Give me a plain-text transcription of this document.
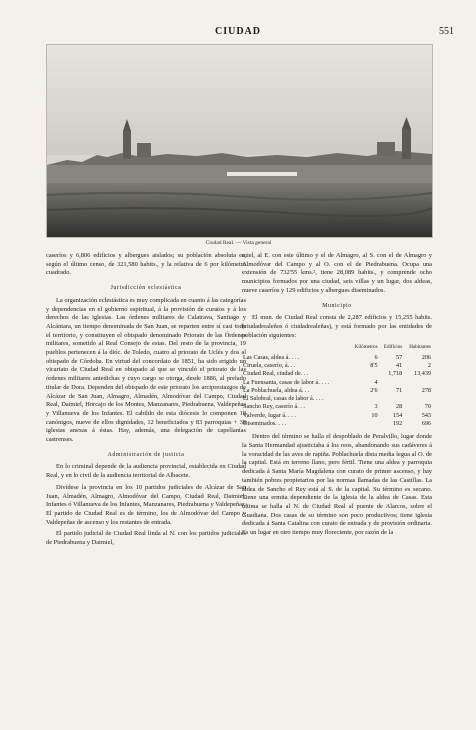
CIUDAD	551
Ciudad Real. — Vista general

caseríos y 6,806 edificios y albergues aislados; su población absoluta es, según el último censo, de 321,580 habits., y la relativa de 6 por kilómetro cuadrado.

Jurisdicción eclesiástica

La organización eclesiástica es muy complicada en cuanto á las categorías y dependencias en el gobierno espiritual, á la provisión de curatos y á los derechos de las iglesias. Las órdenes militares de Calatrava, Santiago y Alcántara, un tiempo denominada de San Juan, se reparten entre sí casi todo el territorio, y constituyen el obispado denominado Priorato de las Órdenes militares, sometido al Real Consejo de estas. Del resto de la provincia, 19 pueblos pertenecen á la dióc. de Toledo, cuatro al priorato de Uclés y dos al obispado de Córdoba. En virtud del concordato de 1851, ha sido erigido un vicariato de Ciudad Real en obispado al que se vinculó el priorato de las órdenes militares antedichas y cuyo cargo se otorga, desde 1886, al prelado titular de Dora. Dependen del obispado de este priorato los arciprestazgos de Alcázar de San Juan, Almagro, Almadén, Almodóvar del Campo, Ciudad Real, Daimiel, Horcajo de los Montes, Manzanares, Piedrabuena, Valdepeñas y Villanueva de los Infantes. El cabildo de esta diócesis lo componen 18 canónigos, nueve de ellos dignidades, 12 beneficiados y 83 parroquias + 38 iglesias anexas á éstas. Hay, además, una delegación de capellanías castrenses.

Administración de justicia

En lo criminal depende de la audiencia provincial, establecida en Ciudad Real, y en lo civil de la audiencia territorial de Albacete.

Divídese la provincia en los 10 partidos judiciales de Alcázar de San Juan, Almadén, Almagro, Almodóvar del Campo, Ciudad Real, Daimiel, Infantes ó Villanueva de los Infantes, Manzanares, Piedrabuena y Valdepeñas. El partido de Ciudad Real es de término, los de Almodóvar del Campo y Valdepeñas de ascenso y los restantes de entrada.

El partido judicial de Ciudad Real linda al N. con los partidos judiciales de Piedrabuena y Daimiel,

miel, al E. con este último y el de Almagro, al S. con el de Almagro y Almodóvar del Campo y al O. con el de Piedrabuena. Ocupa una extensión de 732'55 kms.², tiene 28,089 habits., y comprende ocho municipios formados por una ciudad, seis villas y un lugar, dos aldeas, nueve caseríos y 129 edificios y albergues diseminados.

Municipio

El mun. de Ciudad Real consta de 2,287 edificios y 15,255 habits. (ciudadrealeños ó ciudadrealeñas), y está formado por las entidades de población siguientes:

	Kilómetros	Edificios	Habitantes
Las Casas, aldea á. . . .	6	57	206
Ciruela, caserío, á. . .	8'5	41	2
Ciudad Real, ciudad de. . .		1,718	13,439
La Fuensanta, casas de labor á. . . .	4		
La Poblachuela, aldea á. . .	2'6	71	278
El Salobral, casas de labor á. . . .			
Sancho Rey, caserío á. . .	3	28	70
Valverde, lugar á. . . .	10	154	543
Diseminados. . . .		192	696

Dentro del término se halla el despoblado de Peralvillo, lugar donde la Santa Hermandad ajusticiaba á los reos, abandonando sus cadáveres á la voracidad de las aves de rapiña. Poblachuela dista media legua al O. de la capital. Está en terreno llano, pero fértil. Tiene una aldea y parroquia dedicada á Santa María Magdalena con curato de primer ascenso, y hay también pobres propietarios por las normas llamadas de las Castillas. La aldea de Sancho el Rey está al S. de la capital. Su término es secano. Tiene una ermita dependiente de la iglesia de la aldea de Casas. Esta última se halla al N. de Ciudad Real al puente de Alarcos, sobre el Guadiana. Dos casas de su término son poco productivos; tiene iglesia dedicada á Santa Catalina con curato de entrada y de provisión ordinaria. Es un lugar en otro tiempo muy floreciente, por razón de la
